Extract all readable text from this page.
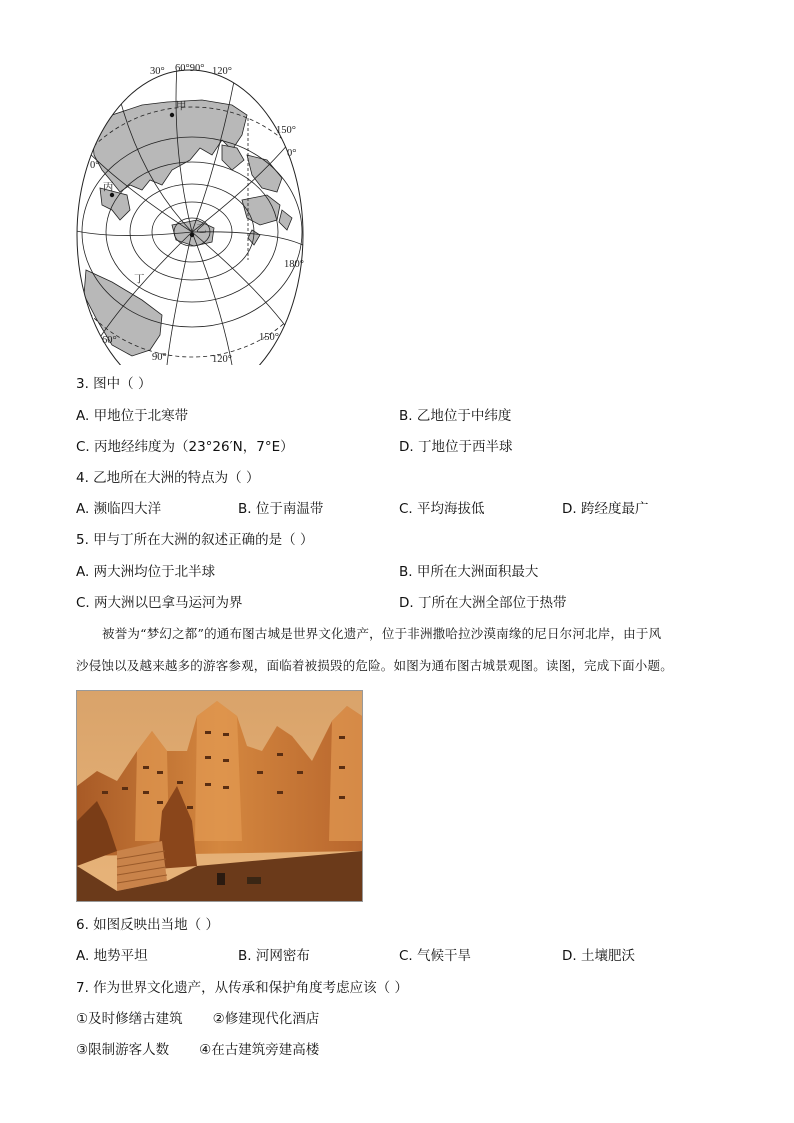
30° 60°90° 120°
150°
0°
0°
180°
60°
90°	120°
150°
甲
乙
丙
丁
3. 图中（ ）
A. 甲地位于北寒带	B. 乙地位于中纬度
C. 丙地经纬度为（23°26′N，7°E）	D. 丁地位于西半球
4. 乙地所在大洲的特点为（ ）
A. 濒临四大洋	B. 位于南温带	C. 平均海拔低	D. 跨经度最广
5. 甲与丁所在大洲的叙述正确的是（ ）
A. 两大洲均位于北半球	B. 甲所在大洲面积最大
C. 两大洲以巴拿马运河为界	D. 丁所在大洲全部位于热带
被誉为“梦幻之都”的通布图古城是世界文化遗产，位于非洲撒哈拉沙漠南缘的尼日尔河北岸，由于风
沙侵蚀以及越来越多的游客参观，面临着被损毁的危险。如图为通布图古城景观图。读图，完成下面小题。
6. 如图反映出当地（ ）
A. 地势平坦	B. 河网密布	C. 气候干旱	D. 土壤肥沃
7. 作为世界文化遗产，从传承和保护角度考虑应该（ ）
①及时修缮古建筑       ②修建现代化酒店
③限制游客人数       ④在古建筑旁建高楼
